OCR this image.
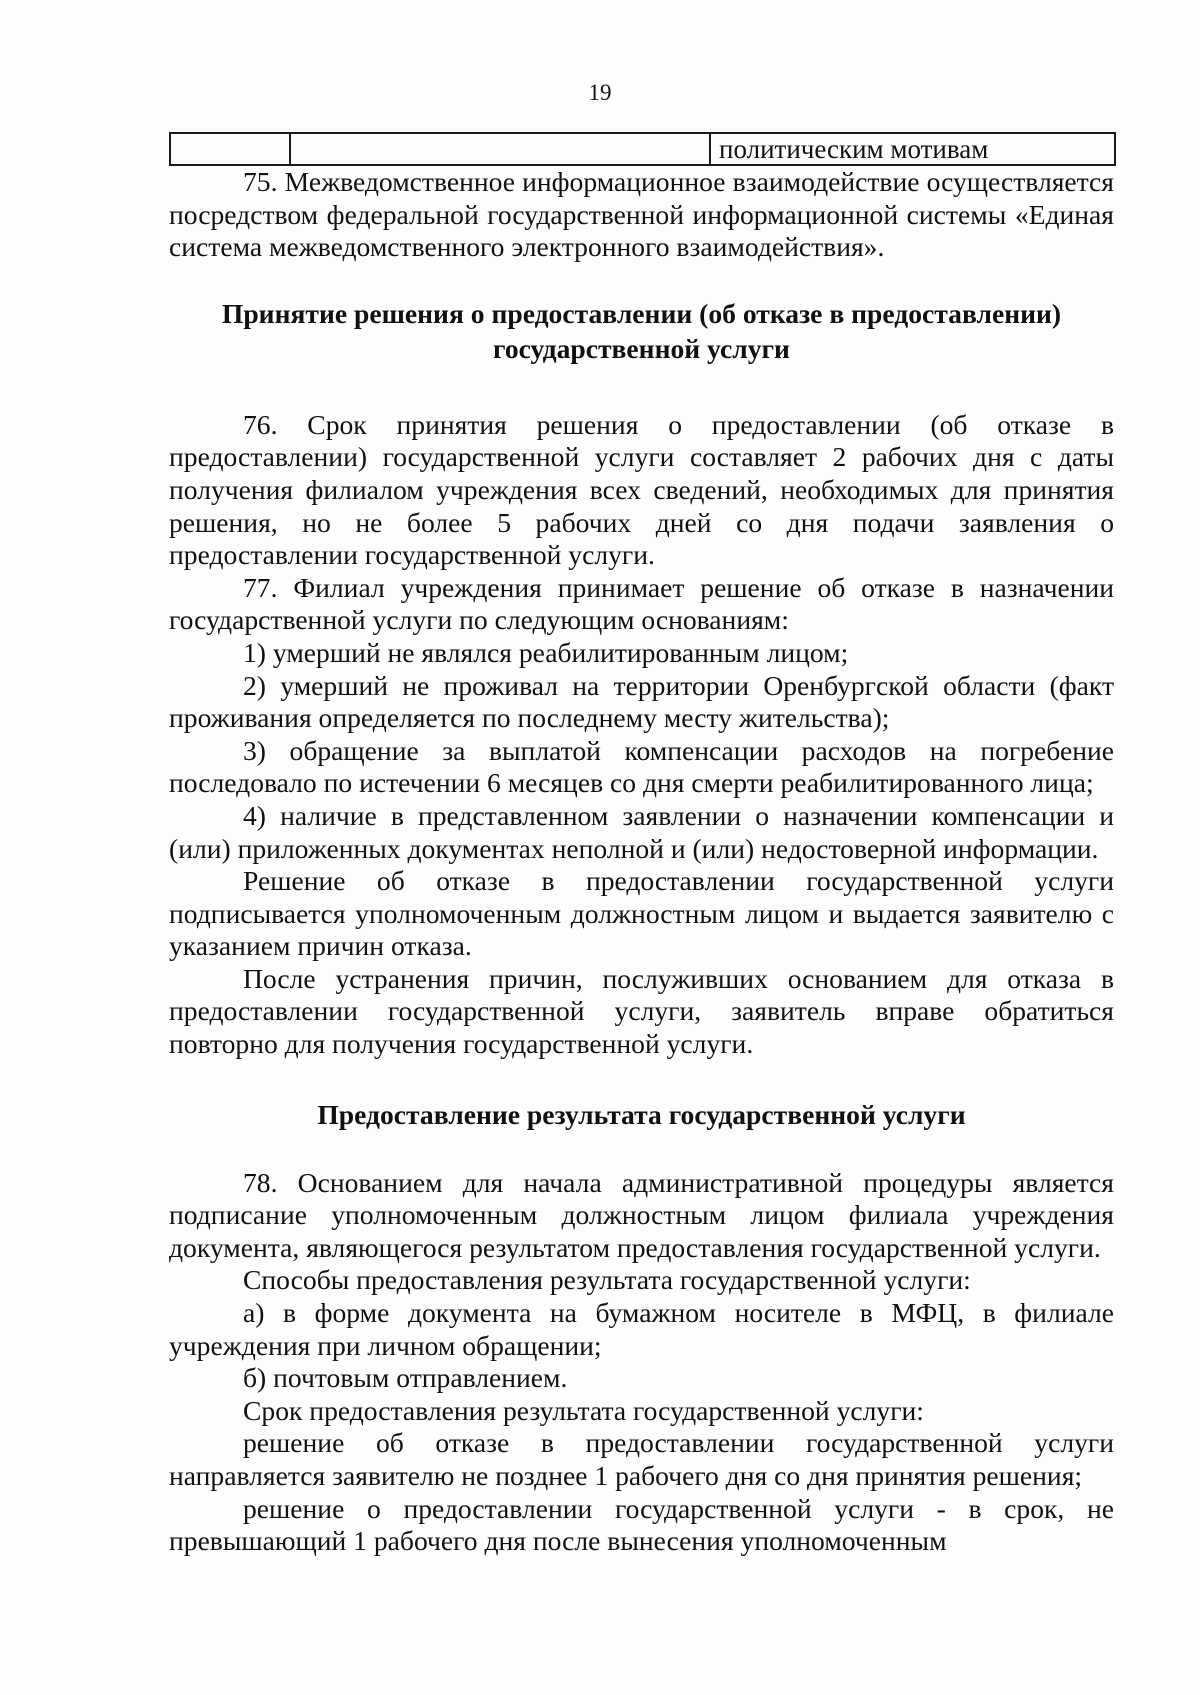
19
		политическим мотивам

75. Межведомственное информационное взаимодействие осуществляется посредством федеральной государственной информационной системы «Единая система межведомственного электронного взаимодействия».

Принятие решения о предоставлении (об отказе в предоставлении)
государственной услуги

76. Срок принятия решения о предоставлении (об отказе в предоставлении) государственной услуги составляет 2 рабочих дня с даты получения филиалом учреждения всех сведений, необходимых для принятия решения, но не более 5 рабочих дней со дня подачи заявления о предоставлении государственной услуги.

77. Филиал учреждения принимает решение об отказе в назначении государственной услуги по следующим основаниям:

1) умерший не являлся реабилитированным лицом;

2) умерший не проживал на территории Оренбургской области (факт проживания определяется по последнему месту жительства);

3) обращение за выплатой компенсации расходов на погребение последовало по истечении 6 месяцев со дня смерти реабилитированного лица;

4) наличие в представленном заявлении о назначении компенсации и (или) приложенных документах неполной и (или) недостоверной информации.

Решение об отказе в предоставлении государственной услуги подписывается уполномоченным должностным лицом и выдается заявителю с указанием причин отказа.

После устранения причин, послуживших основанием для отказа в предоставлении государственной услуги, заявитель вправе обратиться повторно для получения государственной услуги.

Предоставление результата государственной услуги

78. Основанием для начала административной процедуры является подписание уполномоченным должностным лицом филиала учреждения документа, являющегося результатом предоставления государственной услуги.

Способы предоставления результата государственной услуги:

а) в форме документа на бумажном носителе в МФЦ, в филиале учреждения при личном обращении;

б) почтовым отправлением.

Срок предоставления результата государственной услуги:

решение об отказе в предоставлении государственной услуги направляется заявителю не позднее 1 рабочего дня со дня принятия решения;

решение о предоставлении государственной услуги - в срок, не превышающий 1 рабочего дня после вынесения уполномоченным
